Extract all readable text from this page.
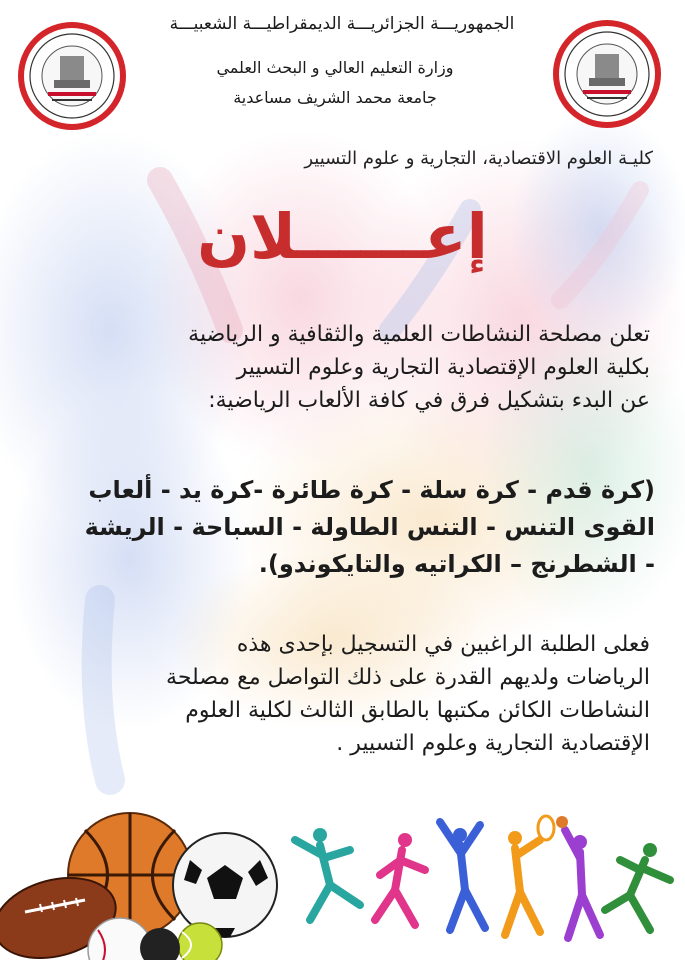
الجمهوريـــة الجزائريـــة الديمقراطيـــة الشعبيـــة
وزارة التعليم العالي و البحث العلمي
جامعة محمد الشريف مساعدية
كليـة العلوم الاقتصادية، التجارية و علوم التسيير
إعــــــلان
تعلن مصلحة النشاطات العلمية والثقافية و الرياضية
بكلية العلوم الإقتصادية التجارية وعلوم التسيير
عن البدء بتشكيل فرق في كافة الألعاب الرياضية:
(كرة قدم - كرة سلة - كرة طائرة -كرة يد - ألعاب
القوى التنس - التنس الطاولة - السباحة - الريشة
- الشطرنج – الكراتيه والتايكوندو).
فعلى الطلبة الراغبين في التسجيل بإحدى هذه
الرياضات ولديهم القدرة على ذلك التواصل مع مصلحة
النشاطات الكائن مكتبها بالطابق الثالث لكلية العلوم
الإقتصادية التجارية وعلوم التسيير .
